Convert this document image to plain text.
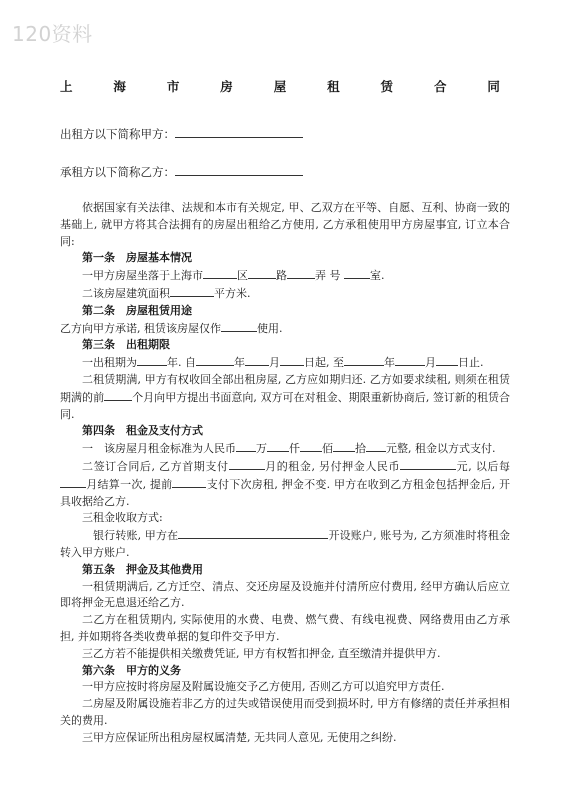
120资料
上	海	市	房	屋	租	赁	合	同
出租方以下简称甲方：
承租方以下简称乙方：

依据国家有关法律、法规和本市有关规定, 甲、乙双方在平等、自愿、互利、协商一致的基础上, 就甲方将其合法拥有的房屋出租给乙方使用, 乙方承租使用甲方房屋事宜, 订立本合同:

第一条　房屋基本情况

一甲方房屋坐落于上海市	区	路	弄 号 室.

二该房屋建筑面积	平方米.

第二条　房屋租赁用途

乙方向甲方承诺, 租赁该房屋仅作	使用.

第三条　出租期限

一出租期为	年. 自	年 月 日起, 至	年	月 日止.

二租赁期满, 甲方有权收回全部出租房屋, 乙方应如期归还. 乙方如要求续租, 则须在租赁期满的前	个月向甲方提出书面意向, 双方可在对租金、期限重新协商后, 签订新的租赁合同.

第四条　租金及支付方式

一　该房屋月租金标准为人民币 万 仟 佰 拾 元整, 租金以方式支付.

二签订合同后, 乙方首期支付	月的租金, 另付押金人民币	元, 以后每月结算一次, 提前	支付下次房租, 押金不变. 甲方在收到乙方租金包括押金后, 开具收据给乙方.

三租金收取方式:

银行转账, 甲方在	开设账户, 账号为, 乙方须准时将租金转入甲方账户.

第五条　押金及其他费用

一租赁期满后, 乙方迁空、清点、交还房屋及设施并付清所应付费用, 经甲方确认后应立即将押金无息退还给乙方.

二乙方在租赁期内, 实际使用的水费、电费、燃气费、有线电视费、网络费用由乙方承担, 并如期将各类收费单据的复印件交予甲方.

三乙方若不能提供相关缴费凭证, 甲方有权暂扣押金, 直至缴清并提供甲方.

第六条　甲方的义务

一甲方应按时将房屋及附属设施交予乙方使用, 否则乙方可以追究甲方责任.

二房屋及附属设施若非乙方的过失或错误使用而受到损坏时, 甲方有修缮的责任并承担相关的费用.

三甲方应保证所出租房屋权属清楚, 无共同人意见, 无使用之纠纷.
